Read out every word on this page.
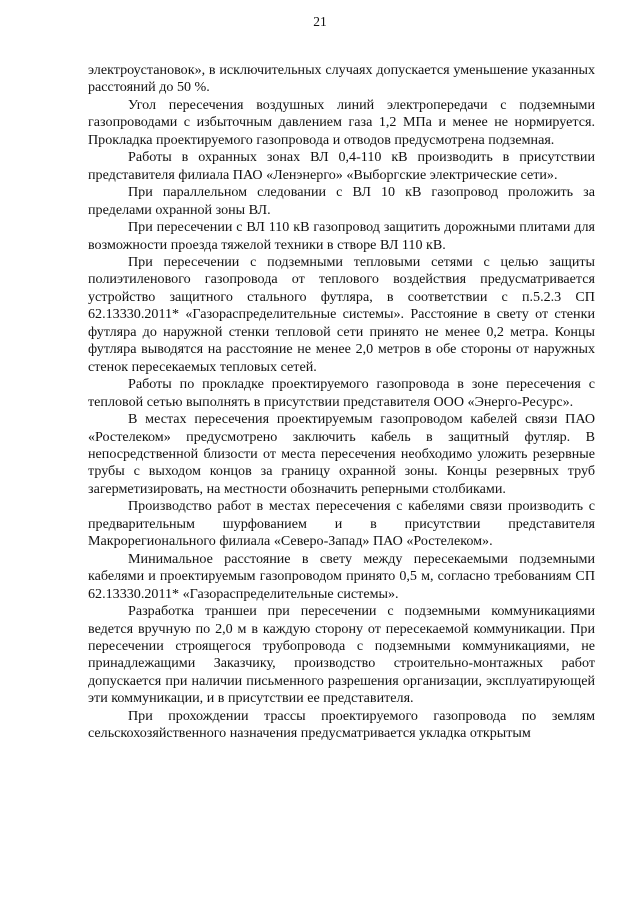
21

электроустановок», в исключительных случаях допускается уменьшение указанных расстояний до 50 %.

Угол пересечения воздушных линий электропередачи с подземными газопроводами с избыточным давлением газа 1,2 МПа и менее не нормируется. Прокладка проектируемого газопровода и отводов предусмотрена подземная.

Работы в охранных зонах ВЛ 0,4-110 кВ производить в присутствии представителя филиала ПАО «Ленэнерго» «Выборгские электрические сети».

При параллельном следовании с ВЛ 10 кВ газопровод проложить за пределами охранной зоны ВЛ.

При пересечении с ВЛ 110 кВ газопровод защитить дорожными плитами для возможности проезда тяжелой техники в створе ВЛ 110 кВ.

При пересечении с подземными тепловыми сетями с целью защиты полиэтиленового газопровода от теплового воздействия предусматривается устройство защитного стального футляра, в соответствии с п.5.2.3 СП 62.13330.2011* «Газораспределительные системы». Расстояние в свету от стенки футляра до наружной стенки тепловой сети принято не менее 0,2 метра. Концы футляра выводятся на расстояние не менее 2,0 метров в обе стороны от наружных стенок пересекаемых тепловых сетей.

Работы по прокладке проектируемого газопровода в зоне пересечения с тепловой сетью выполнять в присутствии представителя ООО «Энерго-Ресурс».

В местах пересечения проектируемым газопроводом кабелей связи ПАО «Ростелеком» предусмотрено заключить кабель в защитный футляр. В непосредственной близости от места пересечения необходимо уложить резервные трубы с выходом концов за границу охранной зоны. Концы резервных труб загерметизировать, на местности обозначить реперными столбиками.

Производство работ в местах пересечения с кабелями связи производить с предварительным шурфованием и в присутствии представителя Макрорегионального филиала «Северо-Запад» ПАО «Ростелеком».

Минимальное расстояние в свету между пересекаемыми подземными кабелями и проектируемым газопроводом принято 0,5 м, согласно требованиям СП 62.13330.2011* «Газораспределительные системы».

Разработка траншеи при пересечении с подземными коммуникациями ведется вручную по 2,0 м в каждую сторону от пересекаемой коммуникации. При пересечении строящегося трубопровода с подземными коммуникациями, не принадлежащими Заказчику, производство строительно-монтажных работ допускается при наличии письменного разрешения организации, эксплуатирующей эти коммуникации, и в присутствии ее представителя.

При прохождении трассы проектируемого газопровода по землям сельскохозяйственного назначения предусматривается укладка открытым
